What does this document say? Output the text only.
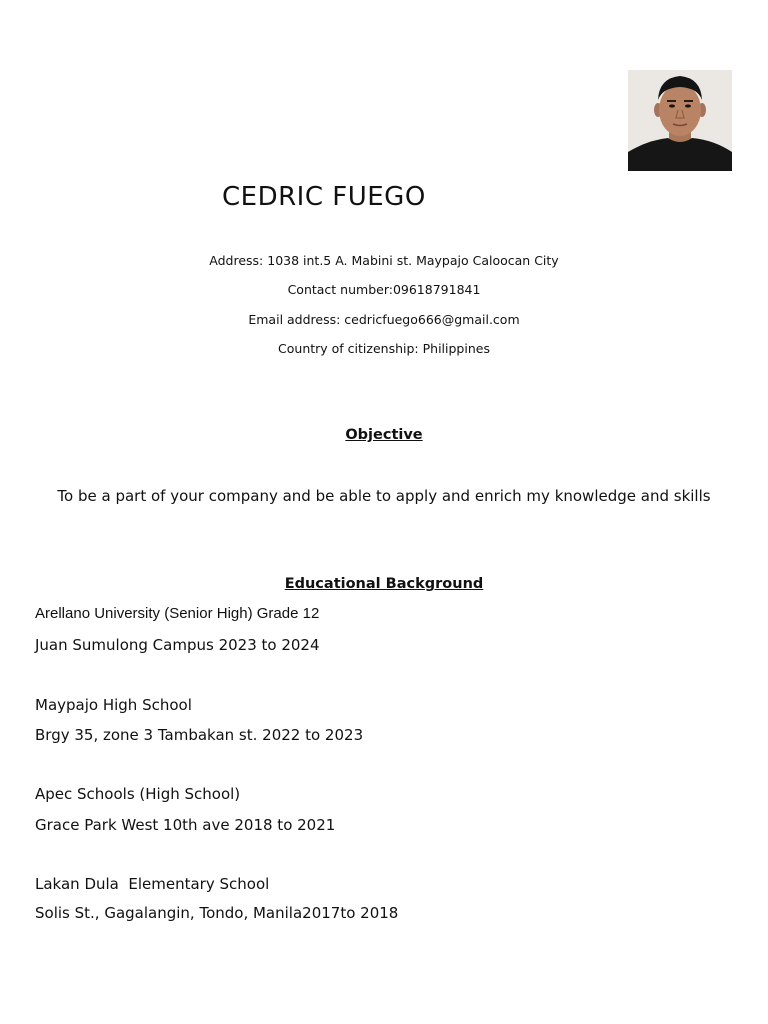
CEDRIC FUEGO
Address: 1038 int.5 A. Mabini st. Maypajo Caloocan City
Contact number:09618791841
Email address: cedricfuego666@gmail.com
Country of citizenship: Philippines
Objective
To be a part of your company and be able to apply and enrich my knowledge and skills
Educational Background
Arellano University (Senior High) Grade 12
Juan Sumulong Campus 2023 to 2024
Maypajo High School
Brgy 35, zone 3 Tambakan st. 2022 to 2023
Apec Schools (High School)
Grace Park West 10th ave 2018 to 2021
Lakan Dula  Elementary School
Solis St., Gagalangin, Tondo, Manila2017to 2018
